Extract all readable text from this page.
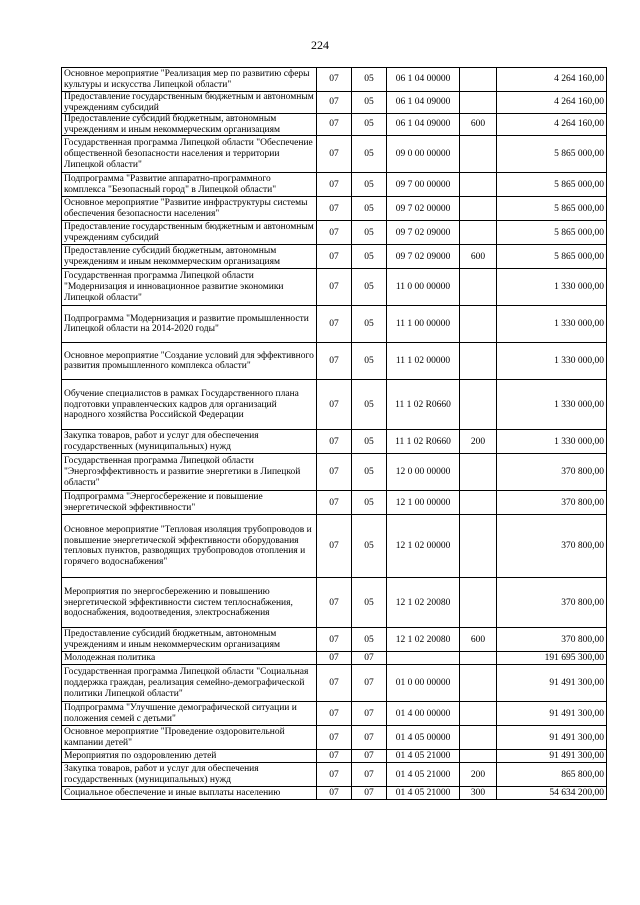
224
Основное мероприятие "Реализация мер по развитию сферы культуры и искусства Липецкой области"	07	05	06 1 04 00000		4 264 160,00
Предоставление государственным бюджетным и автономным учреждениям субсидий	07	05	06 1 04 09000		4 264 160,00
Предоставление субсидий бюджетным, автономным учреждениям и иным некоммерческим организациям	07	05	06 1 04 09000	600	4 264 160,00
Государственная программа Липецкой области "Обеспечение общественной безопасности населения и территории Липецкой области"	07	05	09 0 00 00000		5 865 000,00
Подпрограмма "Развитие аппаратно-программного комплекса "Безопасный город" в Липецкой области"	07	05	09 7 00 00000		5 865 000,00
Основное мероприятие "Развитие инфраструктуры системы обеспечения безопасности населения"	07	05	09 7 02 00000		5 865 000,00
Предоставление государственным бюджетным и автономным учреждениям субсидий	07	05	09 7 02 09000		5 865 000,00
Предоставление субсидий бюджетным, автономным учреждениям и иным некоммерческим организациям	07	05	09 7 02 09000	600	5 865 000,00
Государственная программа Липецкой области "Модернизация и инновационное развитие экономики Липецкой области"	07	05	11 0 00 00000		1 330 000,00
Подпрограмма "Модернизация и развитие промышленности Липецкой области на 2014-2020 годы"	07	05	11 1 00 00000		1 330 000,00
Основное мероприятие "Создание условий для эффективного развития промышленного комплекса области"	07	05	11 1 02 00000		1 330 000,00
Обучение специалистов в рамках Государственного плана подготовки управленческих кадров для организаций народного хозяйства Российской Федерации	07	05	11 1 02 R0660		1 330 000,00
Закупка товаров, работ и услуг для обеспечения государственных (муниципальных) нужд	07	05	11 1 02 R0660	200	1 330 000,00
Государственная программа Липецкой области "Энергоэффективность и развитие энергетики в Липецкой области"	07	05	12 0 00 00000		370 800,00
Подпрограмма "Энергосбережение и повышение энергетической эффективности"	07	05	12 1 00 00000		370 800,00
Основное мероприятие "Тепловая изоляция трубопроводов и повышение энергетической эффективности оборудования тепловых пунктов, разводящих трубопроводов отопления и горячего водоснабжения"	07	05	12 1 02 00000		370 800,00
Мероприятия по энергосбережению и повышению энергетической эффективности систем теплоснабжения, водоснабжения, водоотведения, электроснабжения	07	05	12 1 02 20080		370 800,00
Предоставление субсидий бюджетным, автономным учреждениям и иным некоммерческим организациям	07	05	12 1 02 20080	600	370 800,00
Молодежная политика	07	07			191 695 300,00
Государственная программа Липецкой области "Социальная поддержка граждан, реализация семейно-демографической политики Липецкой области"	07	07	01 0 00 00000		91 491 300,00
Подпрограмма "Улучшение демографической ситуации и положения семей с детьми"	07	07	01 4 00 00000		91 491 300,00
Основное мероприятие "Проведение оздоровительной кампании детей"	07	07	01 4 05 00000		91 491 300,00
Мероприятия по оздоровлению детей	07	07	01 4 05 21000		91 491 300,00
Закупка товаров, работ и услуг для обеспечения государственных (муниципальных) нужд	07	07	01 4 05 21000	200	865 800,00
Социальное обеспечение и иные выплаты населению	07	07	01 4 05 21000	300	54 634 200,00
